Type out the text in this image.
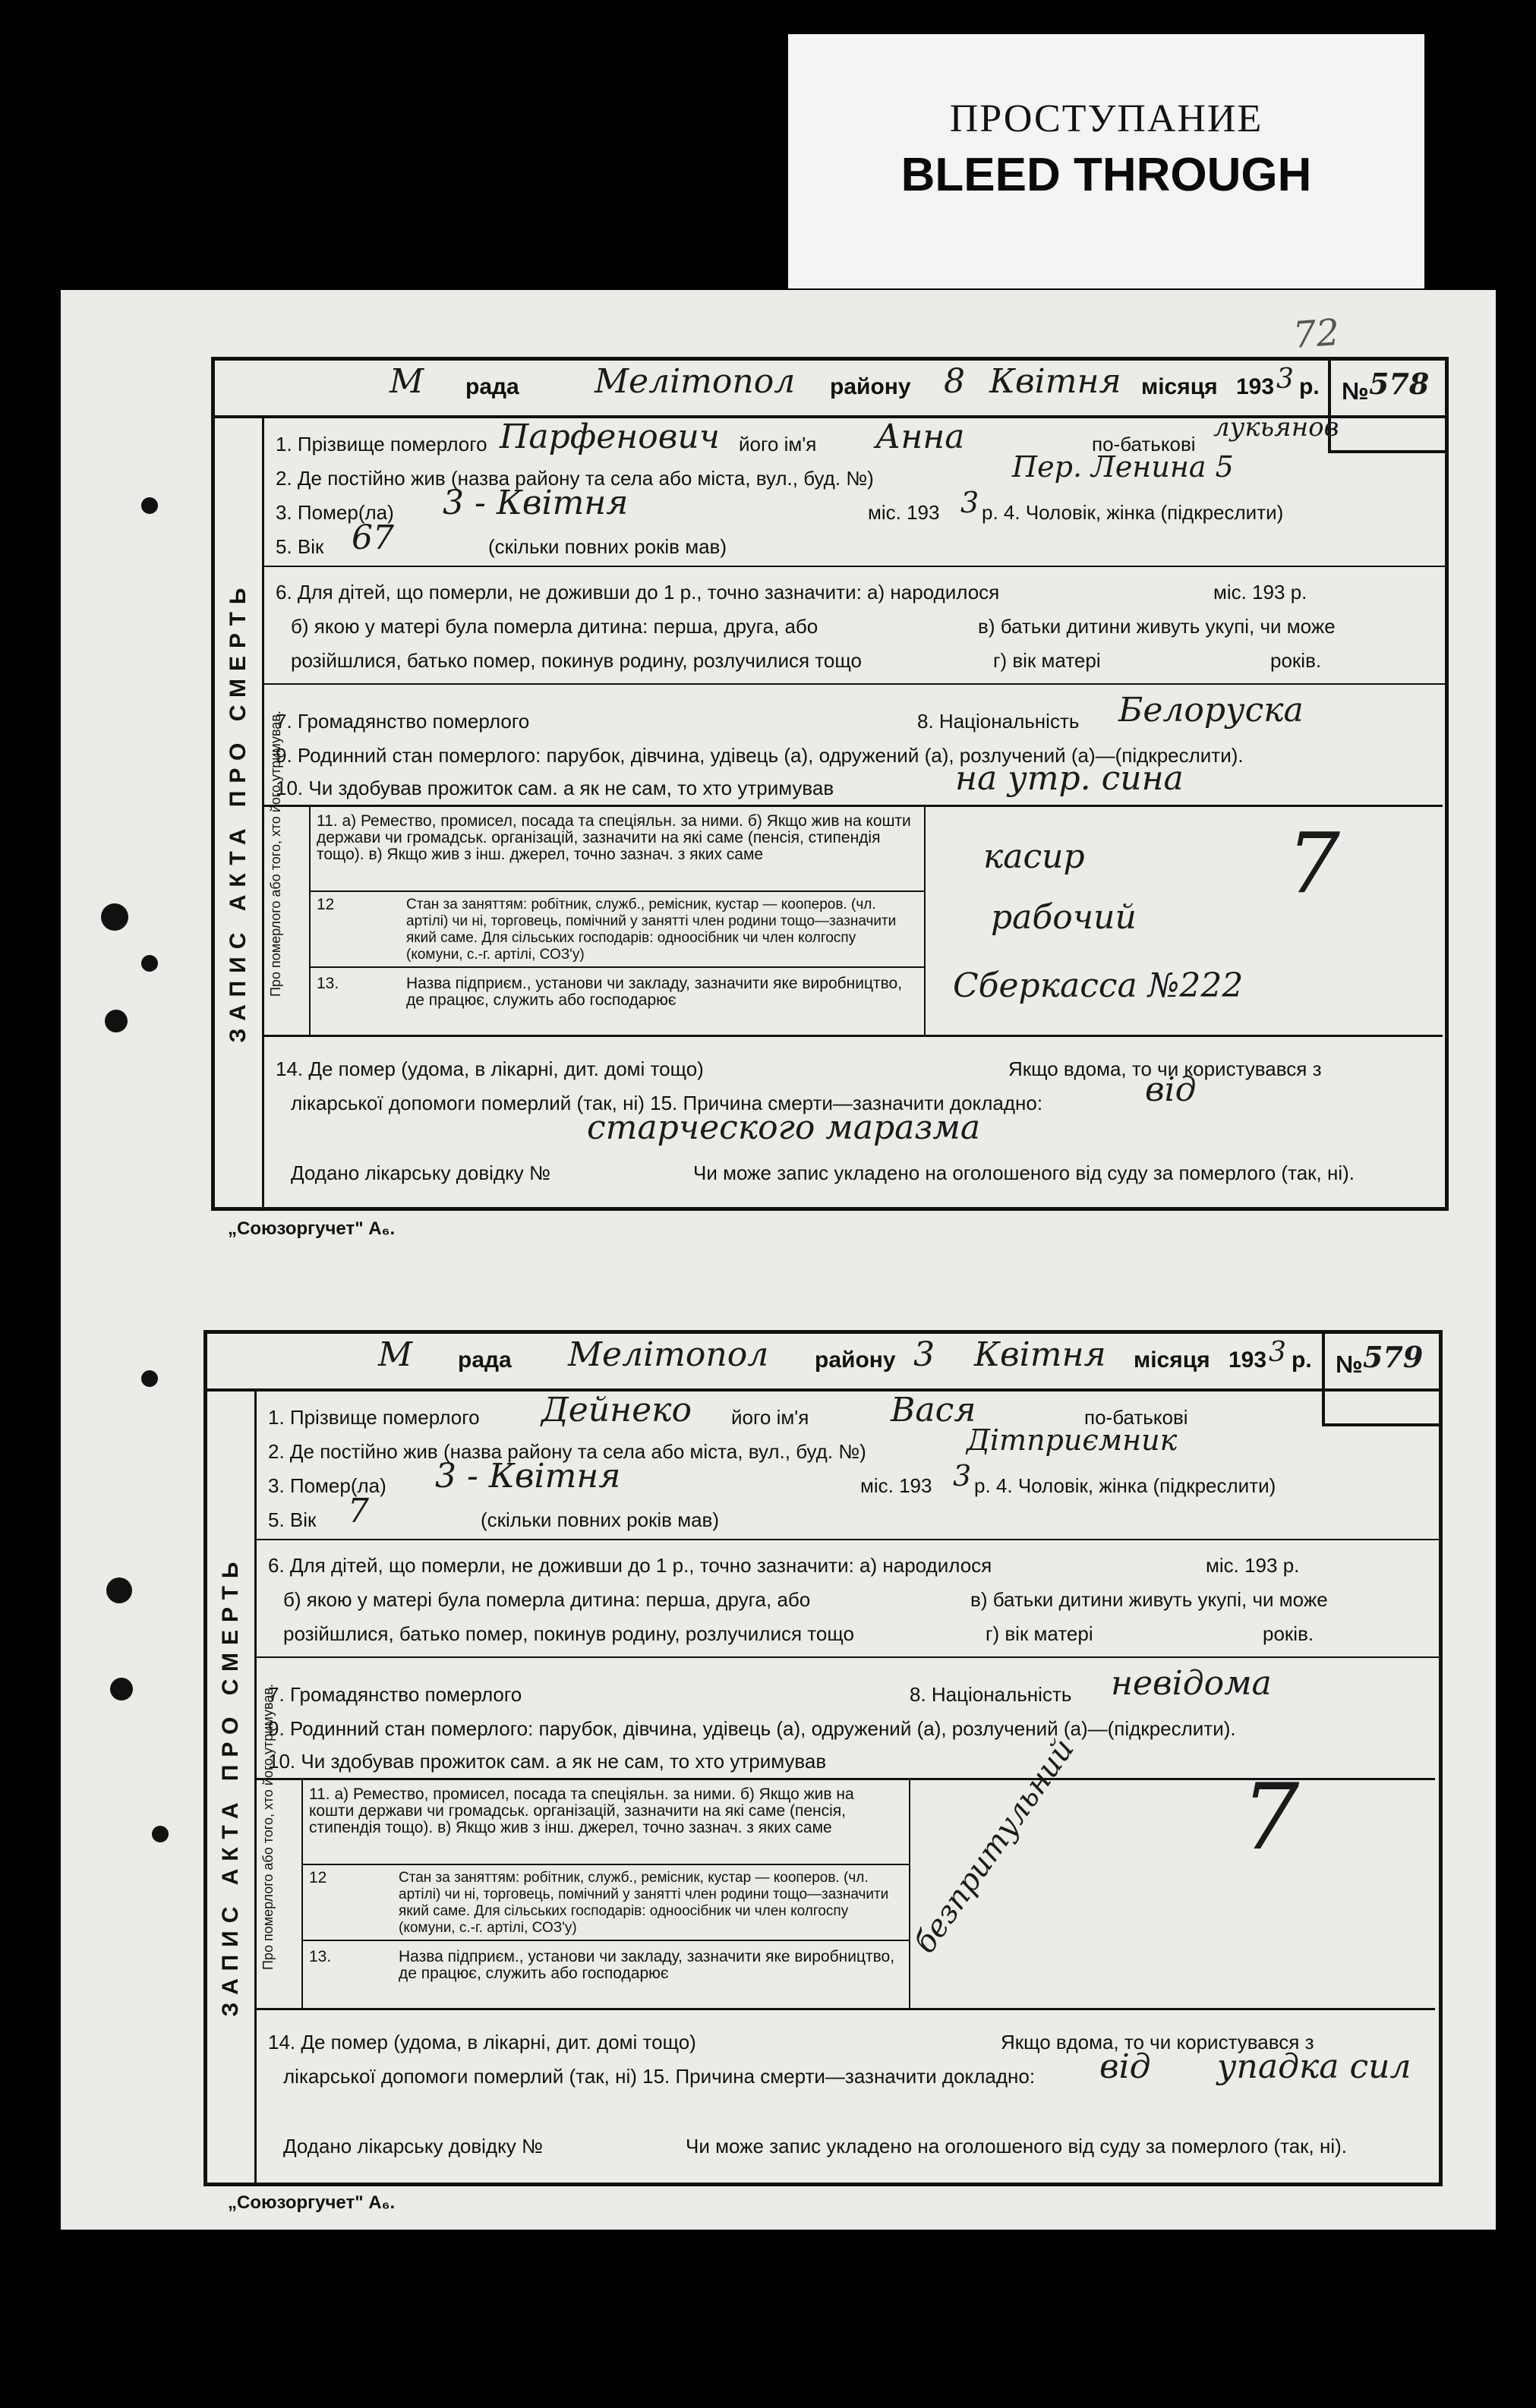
ПРОСТУПАНИЕ
BLEED THROUGH
72
М рада Мелітопол району 8 Квітня місяця 193 3 р. № 578
ЗАПИС АКТА ПРО СМЕРТЬ
1. Прізвище померлого Парфенович його ім'я Анна	по-батькові
лукьянов
2. Де постійно жив (назва району та села або міста, вул., буд. №)	Пер. Ленина 5
3. Помер(ла) 3 - Квітня	міс. 193 3 р. 4. Чоловік, жінка (підкреслити)
5. Вік 67	(скільки повних років мав)
6. Для дітей, що померли, не доживши до 1 р., точно зазначити: а) народилося	міс. 193 р.
б) якою у матері була померла дитина: перша, друга, або	в) батьки дитини живуть укупі, чи може
розійшлися, батько помер, покинув родину, розлучилися тощо	г) вік матері	років.
7. Громадянство померлого	8. Національність Белоруска
9. Родинний стан померлого: парубок, дівчина, удівець (а), одружений (а), розлучений (а)—(підкреслити).
10. Чи здобував прожиток сам. а як не сам, то хто утримував	на утр. сина
Про померлого або того, хто його утримував. 11. а) Ремество, промисел, посада та спеціяльн. за ними. б) Якщо жив на кошти держави чи громадськ. організацій, зазначити на які саме (пенсія, стипендія тощо). в) Якщо жив з інш. джерел, точно зазнач. з яких саме
12	Стан за заняттям: робітник, служб., ремісник, кустар — кооперов. (чл. артілі) чи ні, торговець, помічний у занятті член родини тощо—зазначити який саме. Для сільських господарів: одноосібник чи член колгоспу (комуни, с.-г. артілі, СОЗ'у)
13.	Назва підприєм., установи чи закладу, зазначити яке виробництво, де працює, служить або господарює
касир
рабочий
Сберкасса №222
7
14. Де помер (удома, в лікарні, дит. домі тощо)	Якщо вдома, то чи користувався з
лікарської допомоги померлий (так, ні) 15. Причина смерти—зазначити докладно:	від
старческого маразма
Додано лікарську довідку №	Чи може запис укладено на оголошеного від суду за померлого (так, ні).
„Союзоргучет" А₆.
М рада Мелітопол району 3 Квітня місяця 193 3 р. № 579
ЗАПИС АКТА ПРО СМЕРТЬ
1. Прізвище померлого Дейнеко його ім'я Вася	по-батькові
2. Де постійно жив (назва району та села або міста, вул., буд. №)	Дітприємник
3. Помер(ла) 3 - Квітня	міс. 193 3 р. 4. Чоловік, жінка (підкреслити)
5. Вік 7	(скільки повних років мав)
6. Для дітей, що померли, не доживши до 1 р., точно зазначити: а) народилося	міс. 193 р.
б) якою у матері була померла дитина: перша, друга, або	в) батьки дитини живуть укупі, чи може
розійшлися, батько помер, покинув родину, розлучилися тощо	г) вік матері	років.
7. Громадянство померлого	8. Національність невідома
9. Родинний стан померлого: парубок, дівчина, удівець (а), одружений (а), розлучений (а)—(підкреслити).
10. Чи здобував прожиток сам. а як не сам, то хто утримував
Про померлого або того, хто його утримував. 11. а) Ремество, промисел, посада та спеціяльн. за ними. б) Якщо жив на кошти держави чи громадськ. організацій, зазначити на які саме (пенсія, стипендія тощо). в) Якщо жив з інш. джерел, точно зазнач. з яких саме
12	Стан за заняттям: робітник, служб., ремісник, кустар — кооперов. (чл. артілі) чи ні, торговець, помічний у занятті член родини тощо—зазначити який саме. Для сільських господарів: одноосібник чи член колгоспу (комуни, с.-г. артілі, СОЗ'у)
13.	Назва підприєм., установи чи закладу, зазначити яке виробництво, де працює, служить або господарює
безпритульний 7
14. Де помер (удома, в лікарні, дит. домі тощо)	Якщо вдома, то чи користувався з
лікарської допомоги померлий (так, ні) 15. Причина смерти—зазначити докладно: від упадка сил
Додано лікарську довідку №	Чи може запис укладено на оголошеного від суду за померлого (так, ні).
„Союзоргучет" А₆.
